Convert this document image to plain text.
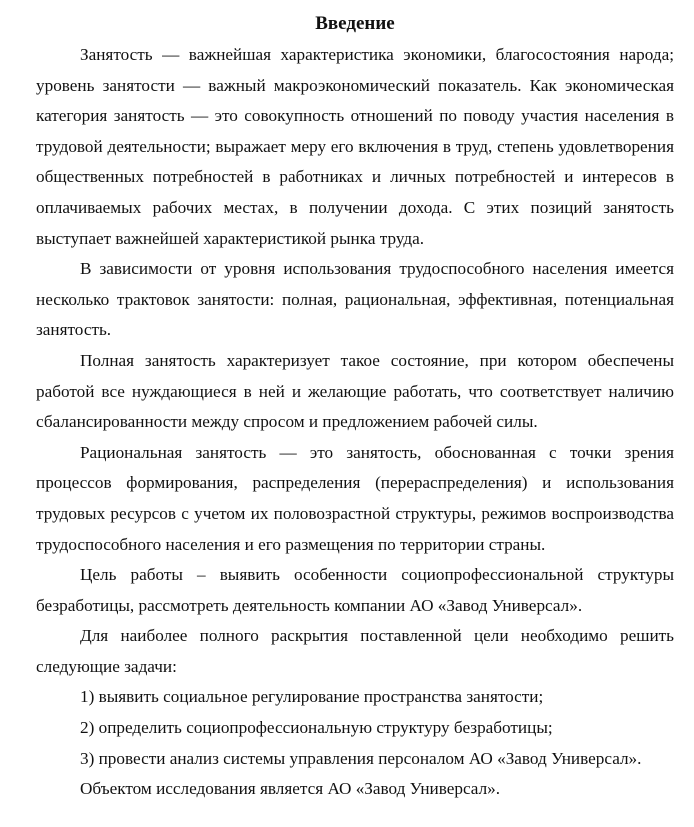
Введение

Занятость — важнейшая характеристика экономики, благосостояния народа; уровень занятости — важный макроэкономический показатель. Как экономическая категория занятость — это совокупность отношений по поводу участия населения в трудовой деятельности; выражает меру его включения в труд, степень удовлетворения общественных потребностей в работниках и личных потребностей и интересов в оплачиваемых рабочих местах, в получении дохода. С этих позиций занятость выступает важнейшей характеристикой рынка труда.

В зависимости от уровня использования трудоспособного населения имеется несколько трактовок занятости: полная, рациональная, эффективная, потенциальная занятость.

Полная занятость характеризует такое состояние, при котором обеспечены работой все нуждающиеся в ней и желающие работать, что соответствует наличию сбалансированности между спросом и предложением рабочей силы.

Рациональная занятость — это занятость, обоснованная с точки зрения процессов формирования, распределения (перераспределения) и использования трудовых ресурсов с учетом их половозрастной структуры, режимов воспроизводства трудоспособного населения и его размещения по территории страны.

Цель работы – выявить особенности социопрофессиональной структуры безработицы, рассмотреть деятельность компании АО «Завод Универсал».

Для наиболее полного раскрытия поставленной цели необходимо решить следующие задачи:

1) выявить социальное регулирование пространства занятости;

2) определить социопрофессиональную структуру безработицы;

3) провести анализ системы управления персоналом АО «Завод Универсал».

Объектом исследования является АО «Завод Универсал».
